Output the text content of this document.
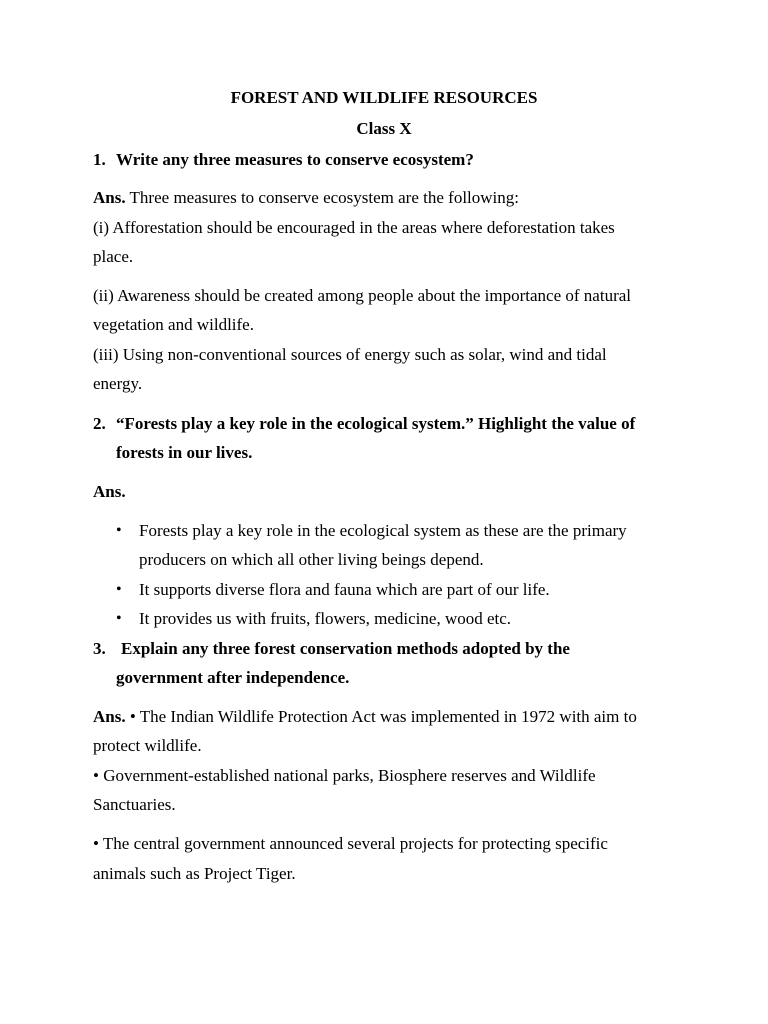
FOREST AND WILDLIFE RESOURCES
Class X
1. Write any three measures to conserve ecosystem?
Ans. Three measures to conserve ecosystem are the following:
(i) Afforestation should be encouraged in the areas where deforestation takes
place.
(ii) Awareness should be created among people about the importance of natural
vegetation and wildlife.
(iii) Using non-conventional sources of energy such as solar, wind and tidal
energy.
2. “Forests play a key role in the ecological system.” Highlight the value of
forests in our lives.
Ans.
• Forests play a key role in the ecological system as these are the primary
producers on which all other living beings depend.
• It supports diverse flora and fauna which are part of our life.
• It provides us with fruits, flowers, medicine, wood etc.
3. Explain any three forest conservation methods adopted by the
government after independence.
Ans. • The Indian Wildlife Protection Act was implemented in 1972 with aim to
protect wildlife.
• Government-established national parks, Biosphere reserves and Wildlife
Sanctuaries.
• The central government announced several projects for protecting specific
animals such as Project Tiger.
